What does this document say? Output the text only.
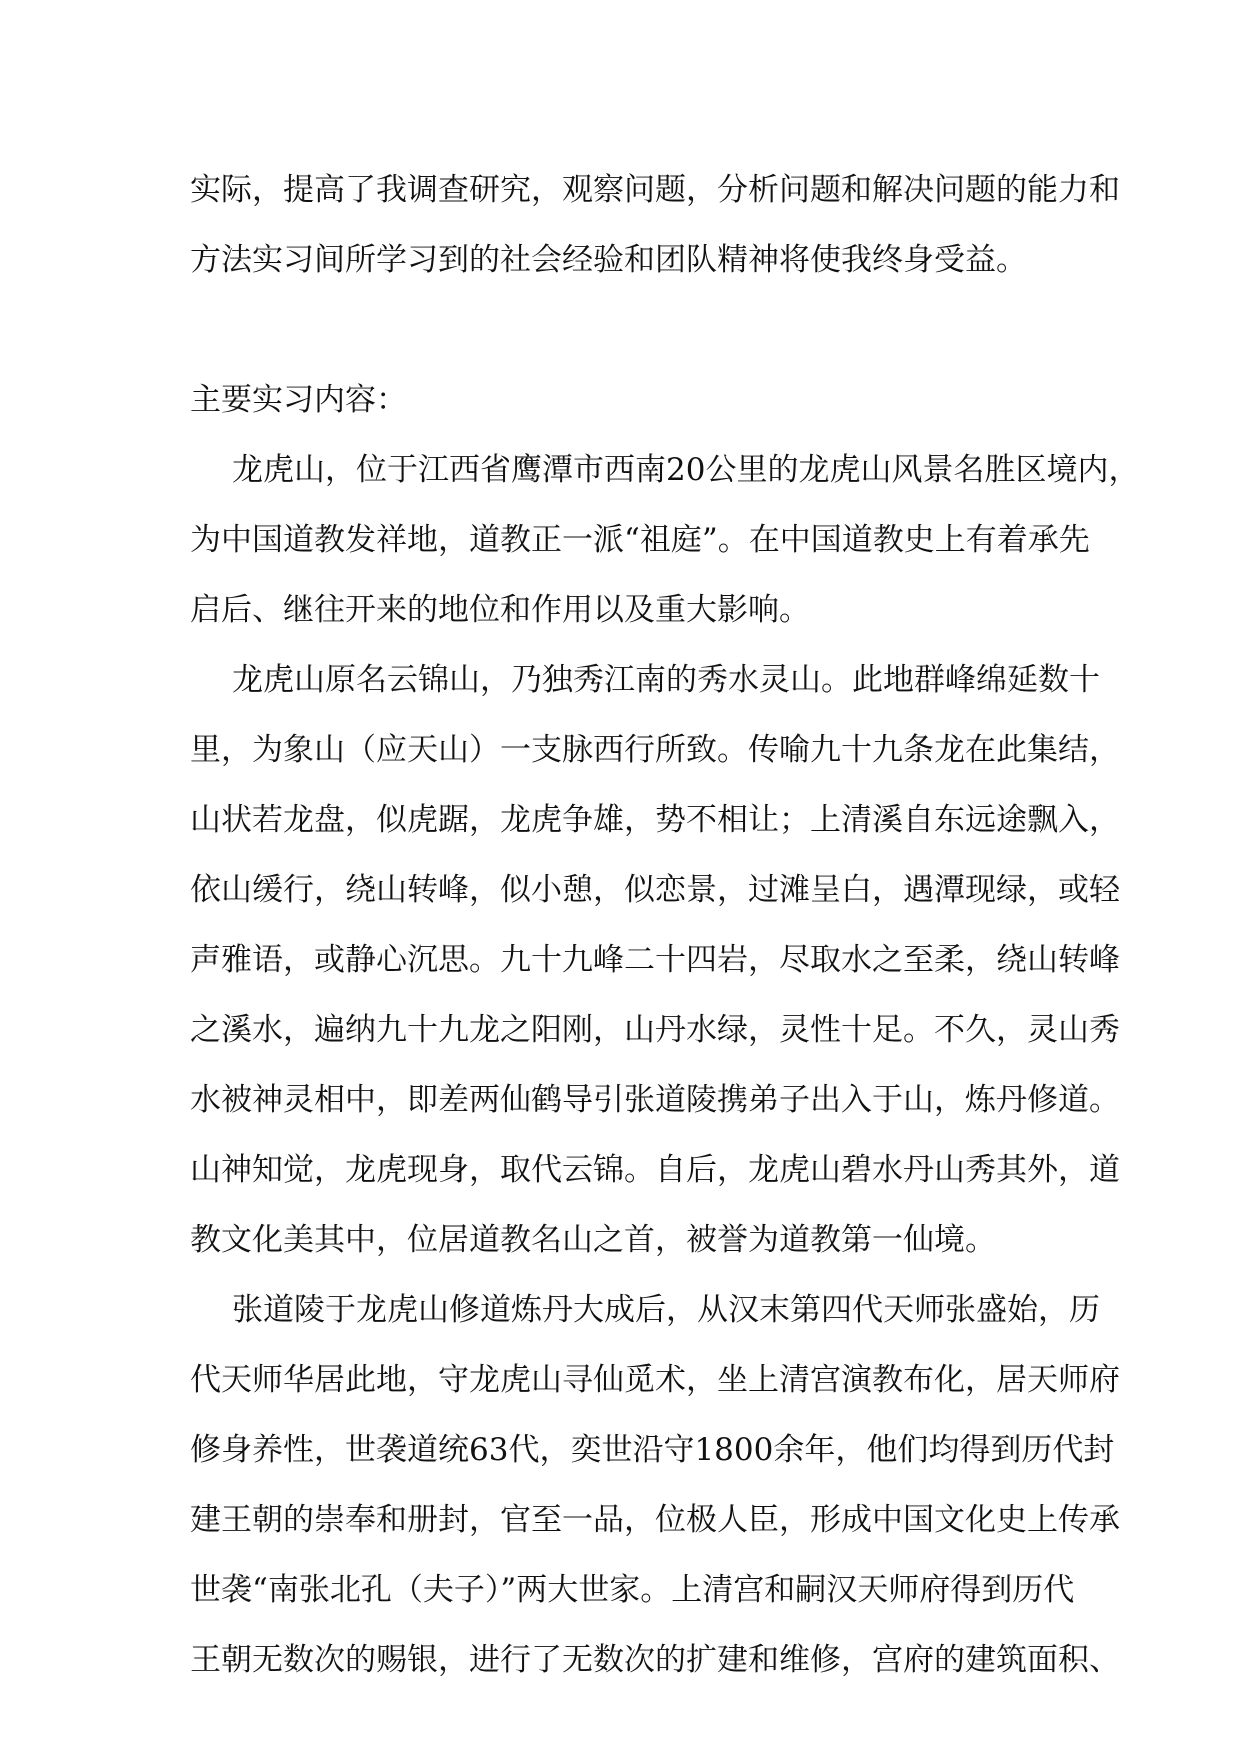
实际，提高了我调查研究，观察问题，分析问题和解决问题的能力和
方法实习间所学习到的社会经验和团队精神将使我终身受益。
主要实习内容：
龙虎山，位于江西省鹰潭市西南20公里的龙虎山风景名胜区境内，
为中国道教发祥地，道教正一派“祖庭”。在中国道教史上有着承先
启后、继往开来的地位和作用以及重大影响。
龙虎山原名云锦山，乃独秀江南的秀水灵山。此地群峰绵延数十
里，为象山（应天山）一支脉西行所致。传喻九十九条龙在此集结，
山状若龙盘，似虎踞，龙虎争雄，势不相让；上清溪自东远途飘入，
依山缓行，绕山转峰，似小憩，似恋景，过滩呈白，遇潭现绿，或轻
声雅语，或静心沉思。九十九峰二十四岩，尽取水之至柔，绕山转峰
之溪水，遍纳九十九龙之阳刚，山丹水绿，灵性十足。不久，灵山秀
水被神灵相中，即差两仙鹤导引张道陵携弟子出入于山，炼丹修道。
山神知觉，龙虎现身，取代云锦。自后，龙虎山碧水丹山秀其外，道
教文化美其中，位居道教名山之首，被誉为道教第一仙境。
张道陵于龙虎山修道炼丹大成后，从汉末第四代天师张盛始，历
代天师华居此地，守龙虎山寻仙觅术，坐上清宫演教布化，居天师府
修身养性，世袭道统63代，奕世沿守1800余年，他们均得到历代封
建王朝的崇奉和册封，官至一品，位极人臣，形成中国文化史上传承
世袭“南张北孔（夫子）”两大世家。上清宫和嗣汉天师府得到历代
王朝无数次的赐银，进行了无数次的扩建和维修，宫府的建筑面积、
